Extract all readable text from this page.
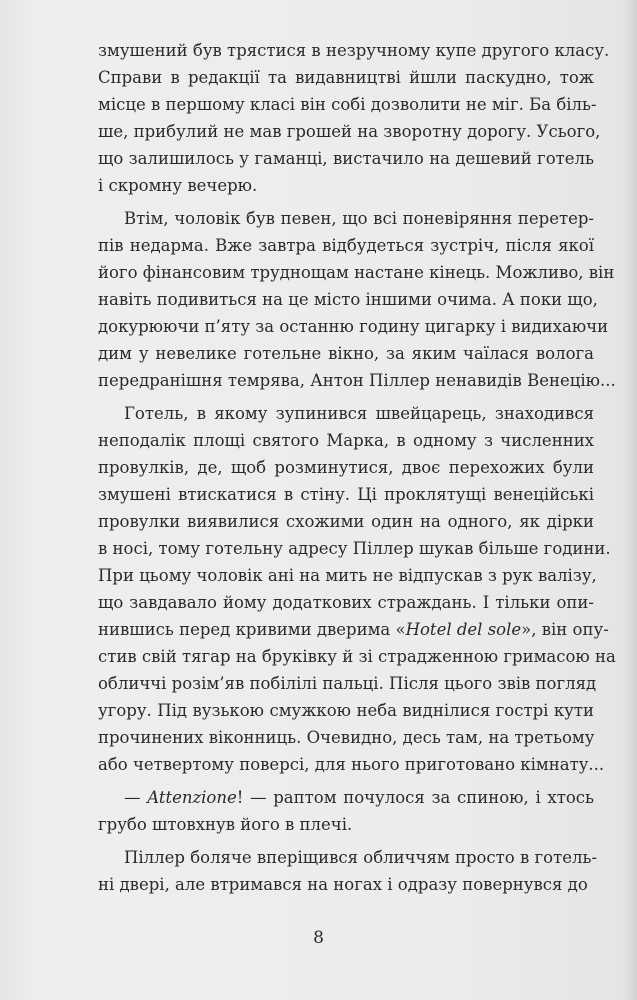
змушений був трястися в незручному купе другого класу.
Справи в редакції та видавництві йшли паскудно, тож
місце в першому класі він собі дозволити не міг. Ба біль-
ше, прибулий не мав грошей на зворотну дорогу. Усього,
що залишилось у гаманці, вистачило на дешевий готель
і скромну вечерю.
Втім, чоловік був певен, що всі поневіряння перетер-
пів недарма. Вже завтра відбудеться зустріч, після якої
його фінансовим труднощам настане кінець. Можливо, він
навіть подивиться на це місто іншими очима. А поки що,
докурюючи п’яту за останню годину цигарку і видихаючи
дим у невелике готельне вікно, за яким чаїлася волога
передранішня темрява, Антон Піллер ненавидів Венецію...
Готель, в якому зупинився швейцарець, знаходився
неподалік площі святого Марка, в одному з численних
провулків, де, щоб розминутися, двоє перехожих були
змушені втискатися в стіну. Ці проклятущі венеційські
провулки виявилися схожими один на одного, як дірки
в носі, тому готельну адресу Піллер шукав більше години.
При цьому чоловік ані на мить не відпускав з рук валізу,
що завдавало йому додаткових страждань. І тільки опи-
нившись перед кривими дверима «Hotel del sole», він опу-
стив свій тягар на бруківку й зі страдженною гримасою на
обличчі розім’яв побілілі пальці. Після цього звів погляд
угору. Під вузькою смужкою неба виднілися гострі кути
прочинених віконниць. Очевидно, десь там, на третьому
або четвертому поверсі, для нього приготовано кімнату...
— Attenzione! — раптом почулося за спиною, і хтось
грубо штовхнув його в плечі.
Піллер боляче вперіщився обличчям просто в готель-
ні двері, але втримався на ногах і одразу повернувся до
8
